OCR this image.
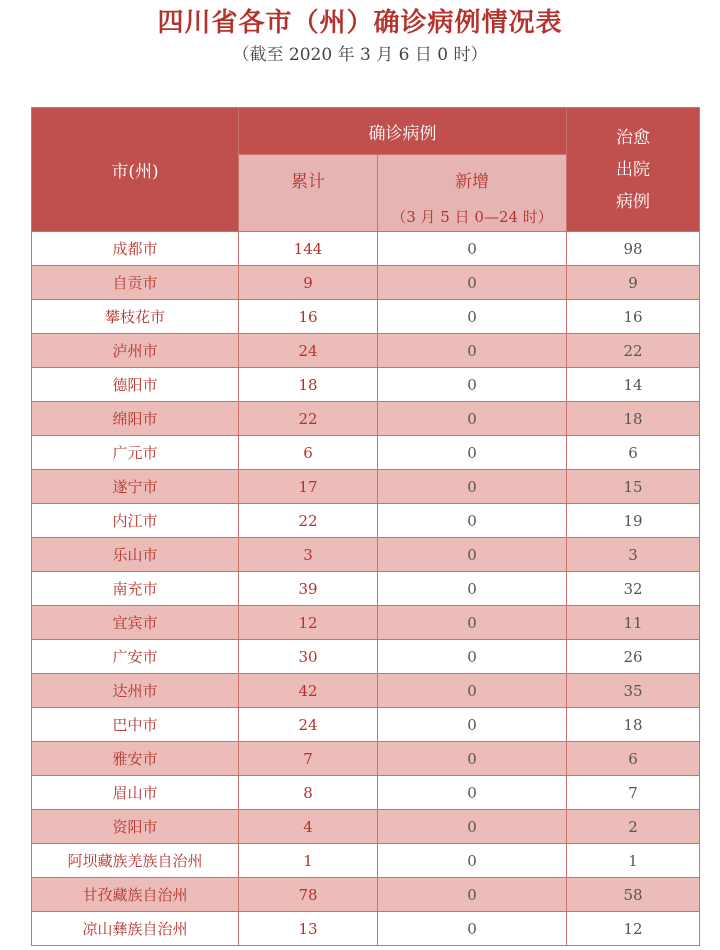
四川省各市（州）确诊病例情况表
（截至 2020 年 3 月 6 日 0 时）
市(州)	确诊病例		治愈
出院
病例

	累计	新增
（3 月 5 日 0—24 时）	

成都市	144	0	98
自贡市	9	0	9
攀枝花市	16	0	16
泸州市	24	0	22
德阳市	18	0	14
绵阳市	22	0	18
广元市	6	0	6
遂宁市	17	0	15
内江市	22	0	19
乐山市	3	0	3
南充市	39	0	32
宜宾市	12	0	11
广安市	30	0	26
达州市	42	0	35
巴中市	24	0	18
雅安市	7	0	6
眉山市	8	0	7
资阳市	4	0	2
阿坝藏族羌族自治州	1	0	1
甘孜藏族自治州	78	0	58
凉山彝族自治州	13	0	12
